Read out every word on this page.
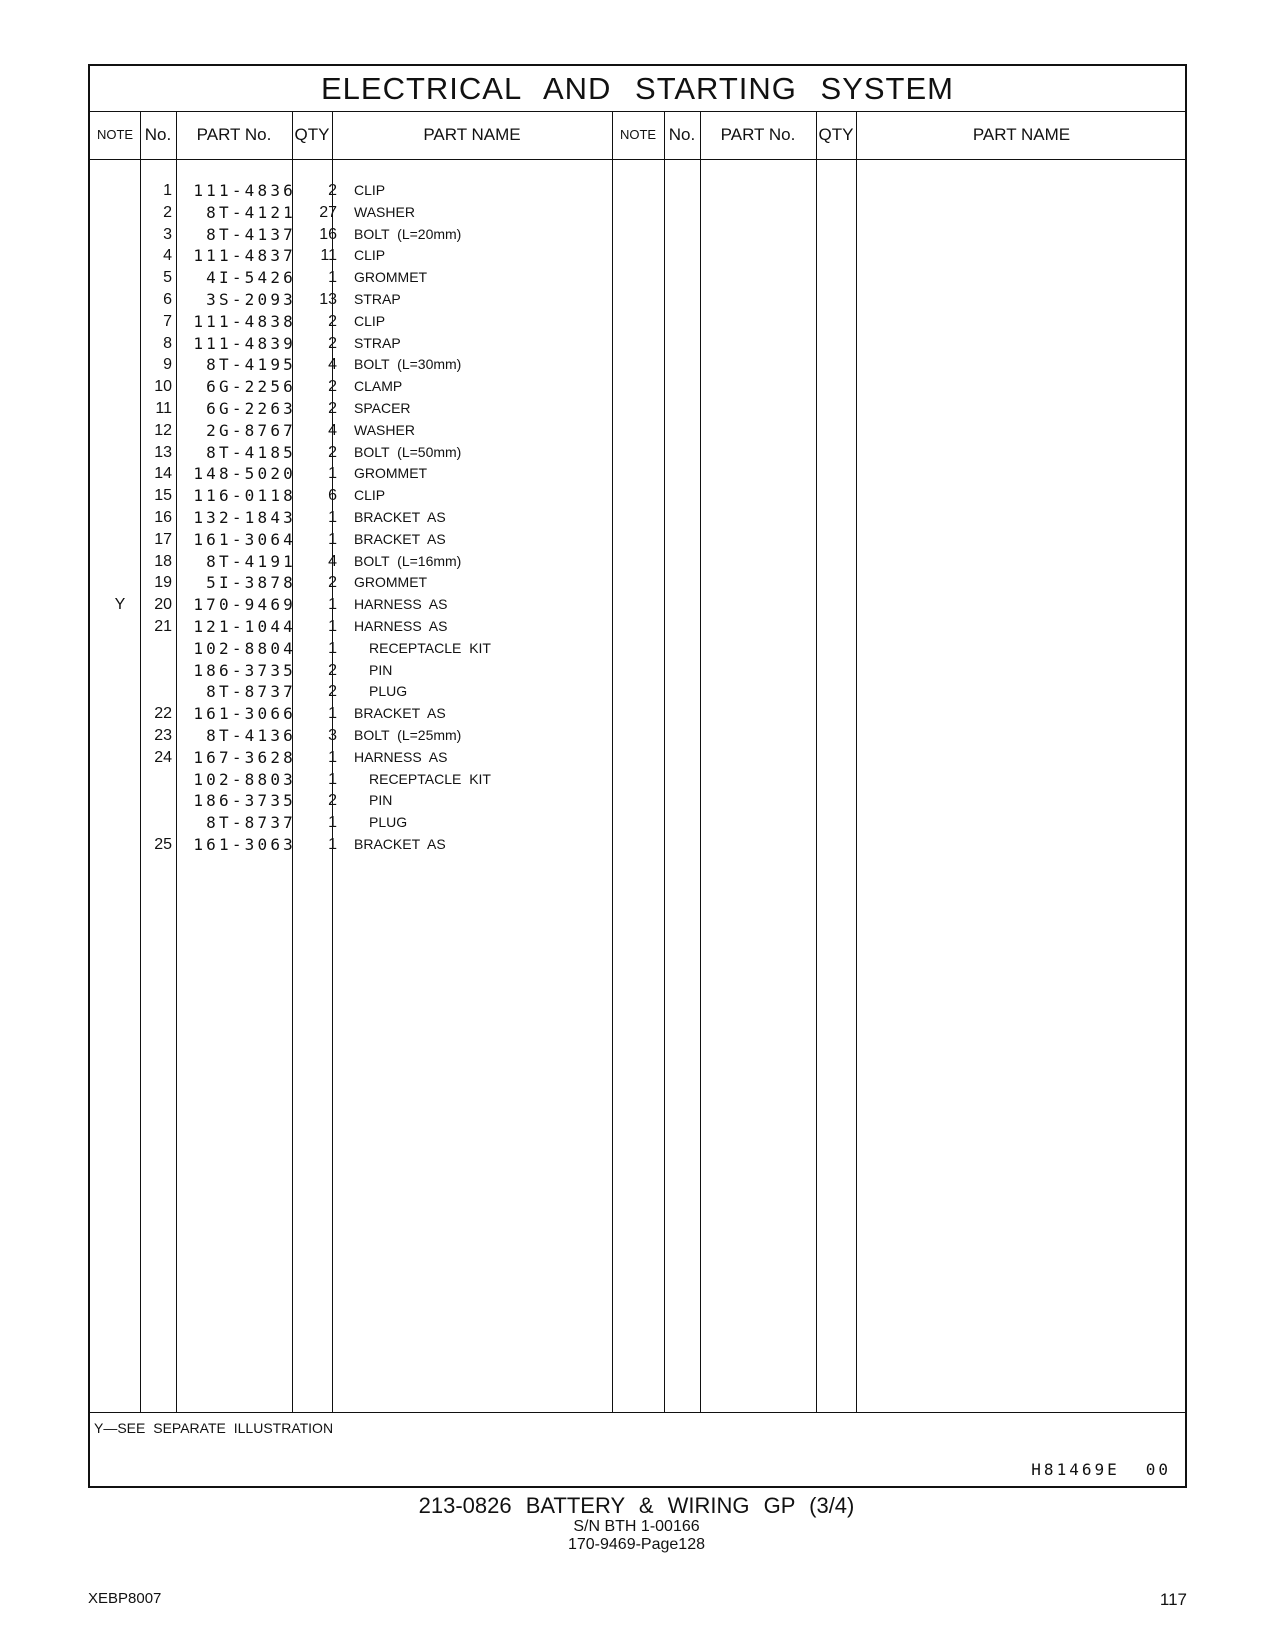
ELECTRICAL AND STARTING SYSTEM
NOTE No.	PART No.	QTY	PART NAME	NOTE No.	PART No.	QTY	PART NAME
1	111-4836	2 CLIP
2	8T-4121	27 WASHER
3	8T-4137	16 BOLT (L=20mm)
4	111-4837	11 CLIP
5	4I-5426	1 GROMMET
6	3S-2093	13 STRAP
7	111-4838	2 CLIP
8	111-4839	2 STRAP
9	8T-4195	4 BOLT (L=30mm)
10	6G-2256	2 CLAMP
11	6G-2263	2 SPACER
12	2G-8767	4 WASHER
13	8T-4185	2 BOLT (L=50mm)
14	148-5020	1 GROMMET
15	116-0118	6 CLIP
16	132-1843	1 BRACKET AS
17	161-3064	1 BRACKET AS
18	8T-4191	4 BOLT (L=16mm)
19	5I-3878	2 GROMMET
Y	20	170-9469	1 HARNESS AS
21	121-1044	1 HARNESS AS
102-8804	1 RECEPTACLE KIT
186-3735	2 PIN
8T-8737	2 PLUG
22	161-3066	1 BRACKET AS
23	8T-4136	3 BOLT (L=25mm)
24	167-3628	1 HARNESS AS
102-8803	1 RECEPTACLE KIT
186-3735	2 PIN
8T-8737	1 PLUG
25	161-3063	1 BRACKET AS
Y—SEE SEPARATE ILLUSTRATION
H81469E 00
213-0826 BATTERY & WIRING GP (3/4)
S/N BTH 1-00166
170-9469-Page128
XEBP8007	117
